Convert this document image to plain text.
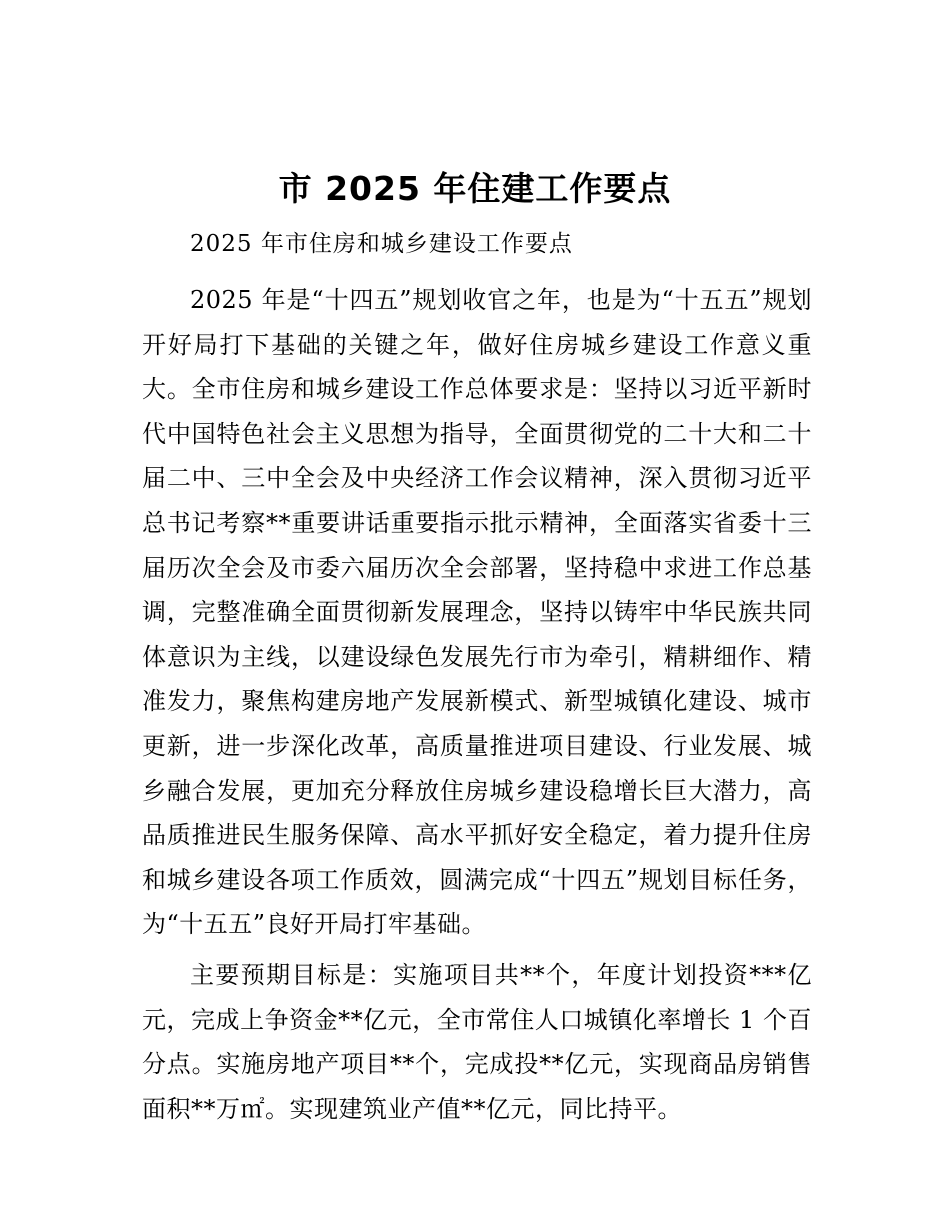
市 2025 年住建工作要点

2025 年市住房和城乡建设工作要点

2025 年是“十四五”规划收官之年，也是为“十五五”规划开好局打下基础的关键之年，做好住房城乡建设工作意义重大。全市住房和城乡建设工作总体要求是：坚持以习近平新时代中国特色社会主义思想为指导，全面贯彻党的二十大和二十届二中、三中全会及中央经济工作会议精神，深入贯彻习近平总书记考察**重要讲话重要指示批示精神，全面落实省委十三届历次全会及市委六届历次全会部署，坚持稳中求进工作总基调，完整准确全面贯彻新发展理念，坚持以铸牢中华民族共同体意识为主线，以建设绿色发展先行市为牵引，精耕细作、精准发力，聚焦构建房地产发展新模式、新型城镇化建设、城市更新，进一步深化改革，高质量推进项目建设、行业发展、城乡融合发展，更加充分释放住房城乡建设稳增长巨大潜力，高品质推进民生服务保障、高水平抓好安全稳定，着力提升住房和城乡建设各项工作质效，圆满完成“十四五”规划目标任务，为“十五五”良好开局打牢基础。

主要预期目标是：实施项目共**个，年度计划投资***亿元，完成上争资金**亿元，全市常住人口城镇化率增长 1 个百分点。实施房地产项目**个，完成投**亿元，实现商品房销售面积**万㎡。实现建筑业产值**亿元，同比持平。
